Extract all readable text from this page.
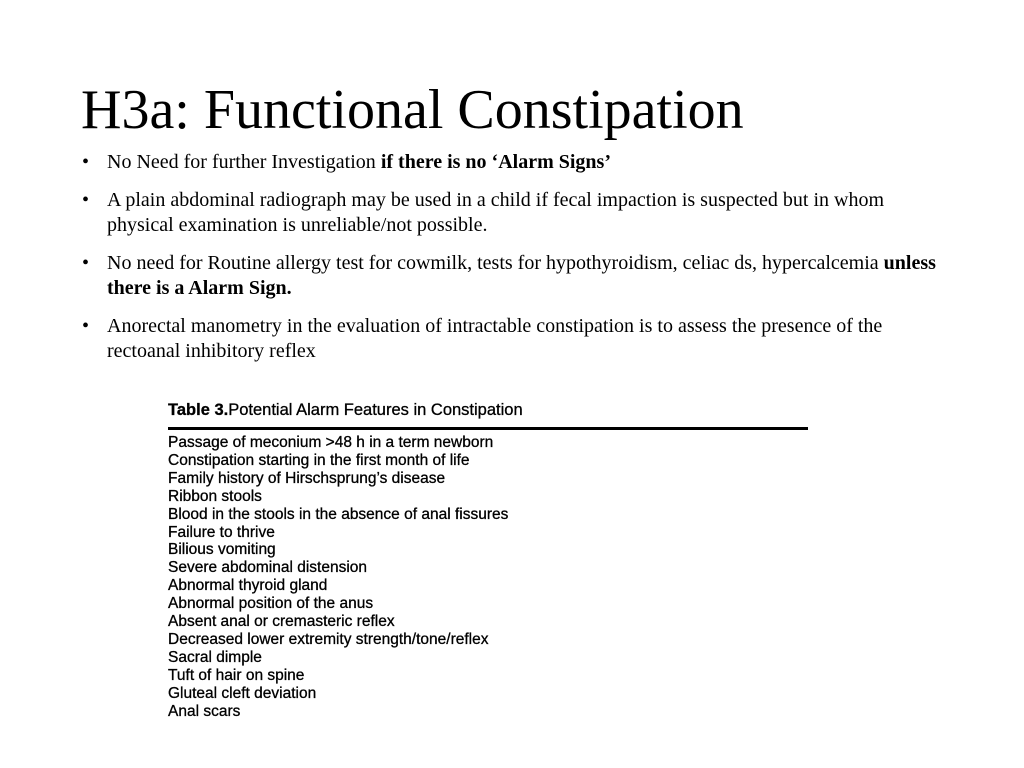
H3a: Functional Constipation
• No Need for further Investigation if there is no ‘Alarm Signs’
• A plain abdominal radiograph may be used in a child if fecal impaction is suspected but in whom physical examination is unreliable/not possible.
• No need for Routine allergy test for cowmilk, tests for hypothyroidism, celiac ds, hypercalcemia unless there is a Alarm Sign.
• Anorectal manometry in the evaluation of intractable constipation is to assess the presence of the rectoanal inhibitory reflex
Table 3.Potential Alarm Features in Constipation
Passage of meconium >48 h in a term newborn
Constipation starting in the first month of life
Family history of Hirschsprung’s disease
Ribbon stools
Blood in the stools in the absence of anal fissures
Failure to thrive
Bilious vomiting
Severe abdominal distension
Abnormal thyroid gland
Abnormal position of the anus
Absent anal or cremasteric reflex
Decreased lower extremity strength/tone/reflex
Sacral dimple
Tuft of hair on spine
Gluteal cleft deviation
Anal scars
